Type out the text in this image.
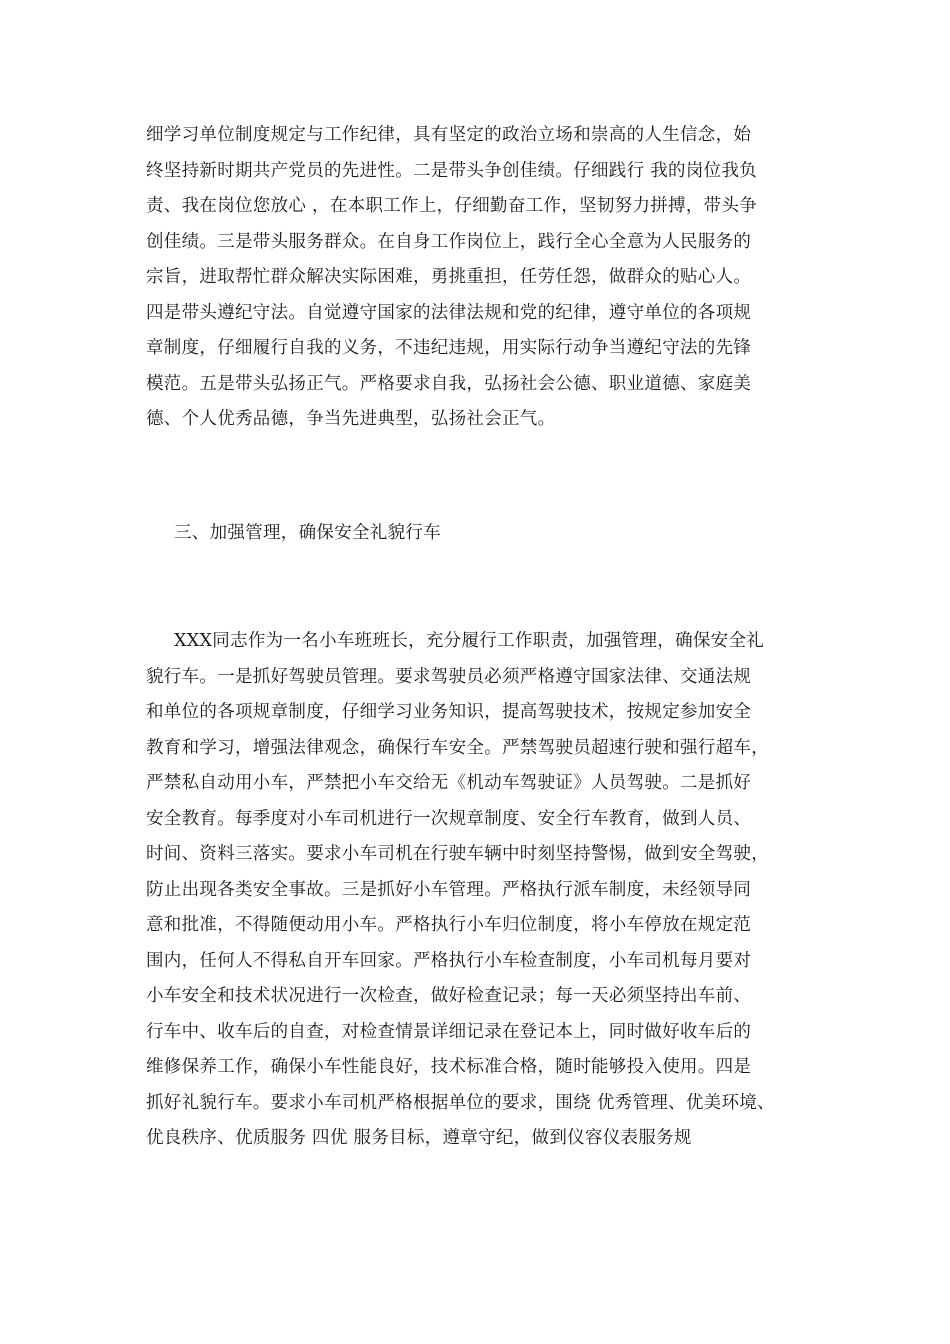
细学习单位制度规定与工作纪律，具有坚定的政治立场和崇高的人生信念，始
终坚持新时期共产党员的先进性。二是带头争创佳绩。仔细践行 我的岗位我负
责、我在岗位您放心 ，在本职工作上，仔细勤奋工作，坚韧努力拼搏，带头争
创佳绩。三是带头服务群众。在自身工作岗位上，践行全心全意为人民服务的
宗旨，进取帮忙群众解决实际困难，勇挑重担，任劳任怨，做群众的贴心人。
四是带头遵纪守法。自觉遵守国家的法律法规和党的纪律，遵守单位的各项规
章制度，仔细履行自我的义务，不违纪违规，用实际行动争当遵纪守法的先锋
模范。五是带头弘扬正气。严格要求自我，弘扬社会公德、职业道德、家庭美
德、个人优秀品德，争当先进典型，弘扬社会正气。
三、加强管理，确保安全礼貌行车
XXX同志作为一名小车班班长，充分履行工作职责，加强管理，确保安全礼
貌行车。一是抓好驾驶员管理。要求驾驶员必须严格遵守国家法律、交通法规
和单位的各项规章制度，仔细学习业务知识，提高驾驶技术，按规定参加安全
教育和学习，增强法律观念，确保行车安全。严禁驾驶员超速行驶和强行超车，
严禁私自动用小车，严禁把小车交给无《机动车驾驶证》人员驾驶。二是抓好
安全教育。每季度对小车司机进行一次规章制度、安全行车教育，做到人员、
时间、资料三落实。要求小车司机在行驶车辆中时刻坚持警惕，做到安全驾驶，
防止出现各类安全事故。三是抓好小车管理。严格执行派车制度，未经领导同
意和批准，不得随便动用小车。严格执行小车归位制度，将小车停放在规定范
围内，任何人不得私自开车回家。严格执行小车检查制度，小车司机每月要对
小车安全和技术状况进行一次检查，做好检查记录；每一天必须坚持出车前、
行车中、收车后的自查，对检查情景详细记录在登记本上，同时做好收车后的
维修保养工作，确保小车性能良好，技术标准合格，随时能够投入使用。四是
抓好礼貌行车。要求小车司机严格根据单位的要求，围绕 优秀管理、优美环境、
优良秩序、优质服务 四优 服务目标，遵章守纪，做到仪容仪表服务规
